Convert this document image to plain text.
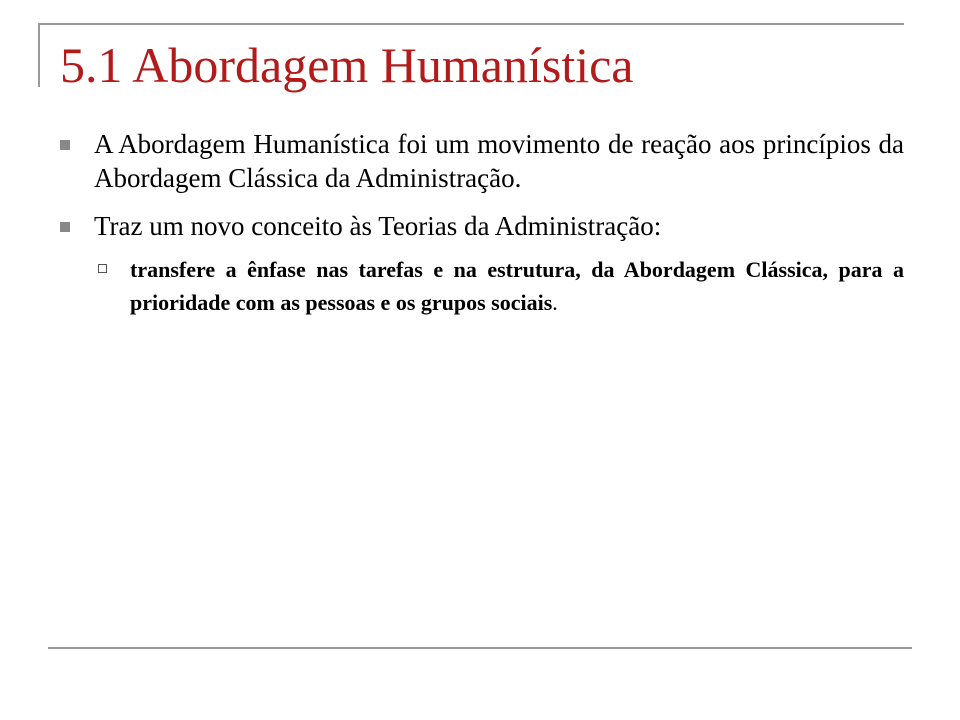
5.1 Abordagem Humanística
A Abordagem Humanística foi um movimento de reação aos princípios da Abordagem Clássica da Administração.
Traz um novo conceito às Teorias da Administração:
transfere a ênfase nas tarefas e na estrutura, da Abordagem Clássica, para a prioridade com as pessoas e os grupos sociais.
